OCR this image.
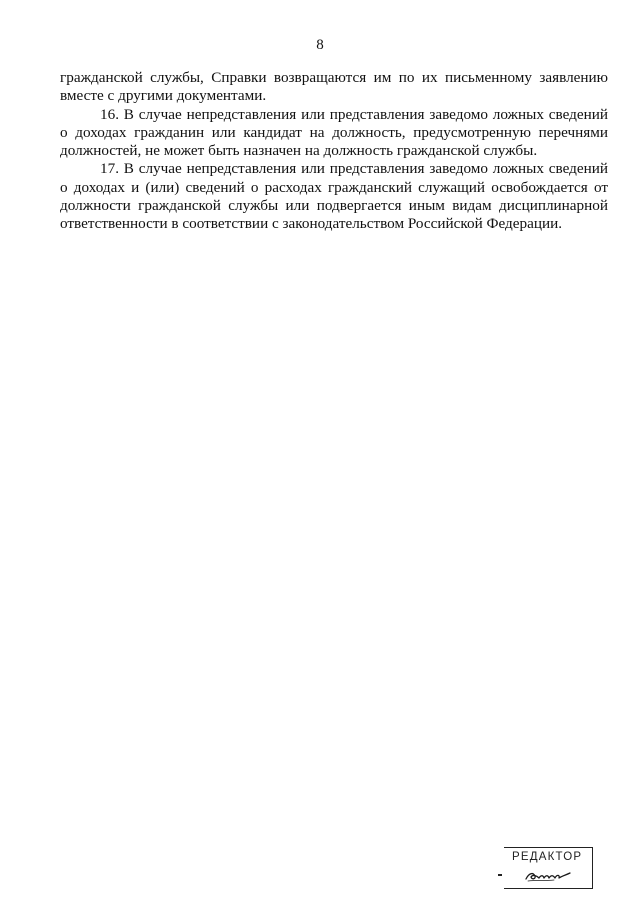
8

гражданской службы, Справки возвращаются им по их письменному заявлению вместе с другими документами.

16. В случае непредставления или представления заведомо ложных сведений о доходах гражданин или кандидат на должность, предусмотренную перечнями должностей, не может быть назначен на должность гражданской службы.

17. В случае непредставления или представления заведомо ложных сведений о доходах и (или) сведений о расходах гражданский служащий освобождается от должности гражданской службы или подвергается иным видам дисциплинарной ответственности в соответствии с законодательством Российской Федерации.

РЕДАКТОР
